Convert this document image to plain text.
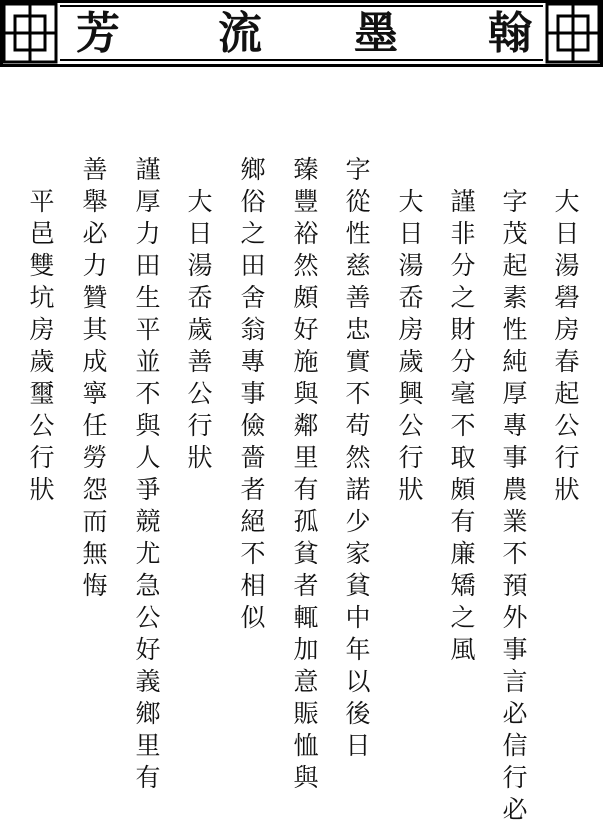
芳 流 墨 翰
大日湯礐房春起公行狀
字茂起素性純厚專事農業不預外事言必信行必
謹非分之財分毫不取頗有廉矯之風
大日湯岙房歲興公行狀
字從　性慈善忠實不苟然諾少家貧中年以後日
臻豐裕然頗好施與鄰里有孤貧者輒加意賑恤與
鄉俗之田舍翁專事儉嗇者絕不相似
大日湯岙歲善公行狀
謹厚力田生平並不與人爭競尤急公好義鄉里有
善舉必力贊其成寧任勞怨而無悔
平邑雙坑房歲璽公行狀
